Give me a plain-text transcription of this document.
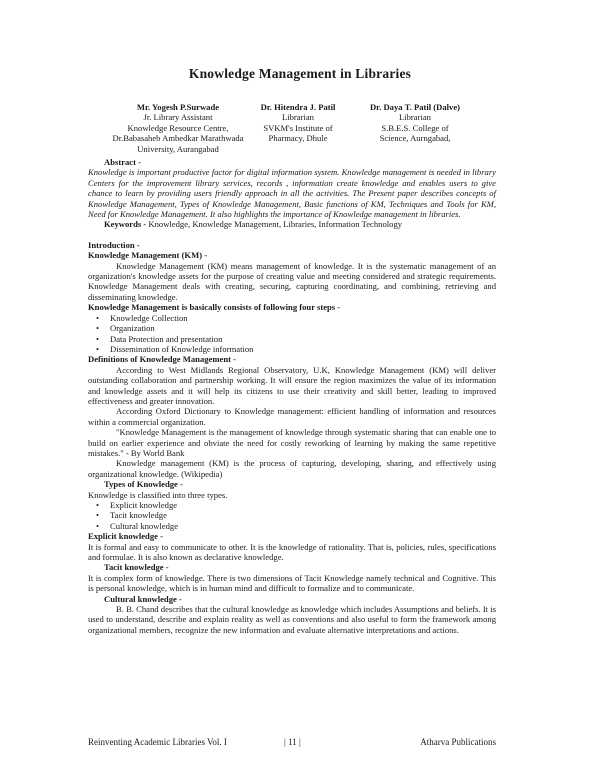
Knowledge Management in Libraries
Mr. Yogesh P.Surwade
Jr. Library Assistant
Knowledge Resource Centre,
Dr.Babasaheb Ambedkar Marathwada
University, Aurangabad
Dr. Hitendra J. Patil
Librarian
SVKM's Institute of
Pharmacy, Dhule
Dr. Daya T. Patil (Dalve)
Librarian
S.B.E.S. College of
Science, Aurngabad,

Abstract -

Knowledge is important productive factor for digital information system. Knowledge management is needed in library Centers for the improvement library services, records , information create knowledge and enables users to give chance to learn by providing users friendly approach in all the activities. The Present paper describes concepts of Knowledge Management, Types of Knowledge Management, Basic functions of KM, Techniques and Tools for KM, Need for Knowledge Management. It also highlights the importance of Knowledge management in libraries.

Keywords - Knowledge, Knowledge Management, Libraries, Information Technology

Introduction -

Knowledge Management (KM) -

Knowledge Management (KM) means management of knowledge. It is the systematic management of an organization's knowledge assets for the purpose of creating value and meeting considered and strategic requirements. Knowledge Management deals with creating, securing, capturing coordinating, and combining, retrieving and disseminating knowledge.

Knowledge Management is basically consists of following four steps -

• Knowledge Collection
• Organization
• Data Protection and presentation
• Dissemination of Knowledge information

Definitions of Knowledge Management -

According to West Midlands Regional Observatory, U.K, Knowledge Management (KM) will deliver outstanding collaboration and partnership working. It will ensure the region maximizes the value of its information and knowledge assets and it will help its citizens to use their creativity and skill better, leading to improved effectiveness and greater innovation.

According Oxford Dictionary to Knowledge management: efficient handling of information and resources within a commercial organization.

"Knowledge Management is the management of knowledge through systematic sharing that can enable one to build on earlier experience and obviate the need for costly reworking of learning by making the same repetitive mistakes." - By World Bank

Knowledge management (KM) is the process of capturing, developing, sharing, and effectively using organizational knowledge. (Wikipedia)

Types of Knowledge -

Knowledge is classified into three types.

• Explicit knowledge
• Tacit knowledge
• Cultural knowledge

Explicit knowledge -

It is formal and easy to communicate to other. It is the knowledge of rationality. That is, policies, rules, specifications and formulae. It is also known as declarative knowledge.

Tacit knowledge -

It is complex form of knowledge. There is two dimensions of Tacit Knowledge namely technical and Cognitive. This is personal knowledge, which is in human mind and difficult to formalize and to communicate.

Cultural knowledge -

B. B. Chand describes that the cultural knowledge as knowledge which includes Assumptions and beliefs. It is used to understand, describe and explain reality as well as conventions and also useful to form the framework among organizational members, recognize the new information and evaluate alternative interpretations and actions.

Reinventing Academic Libraries Vol. I	| 11 |	Atharva Publications
